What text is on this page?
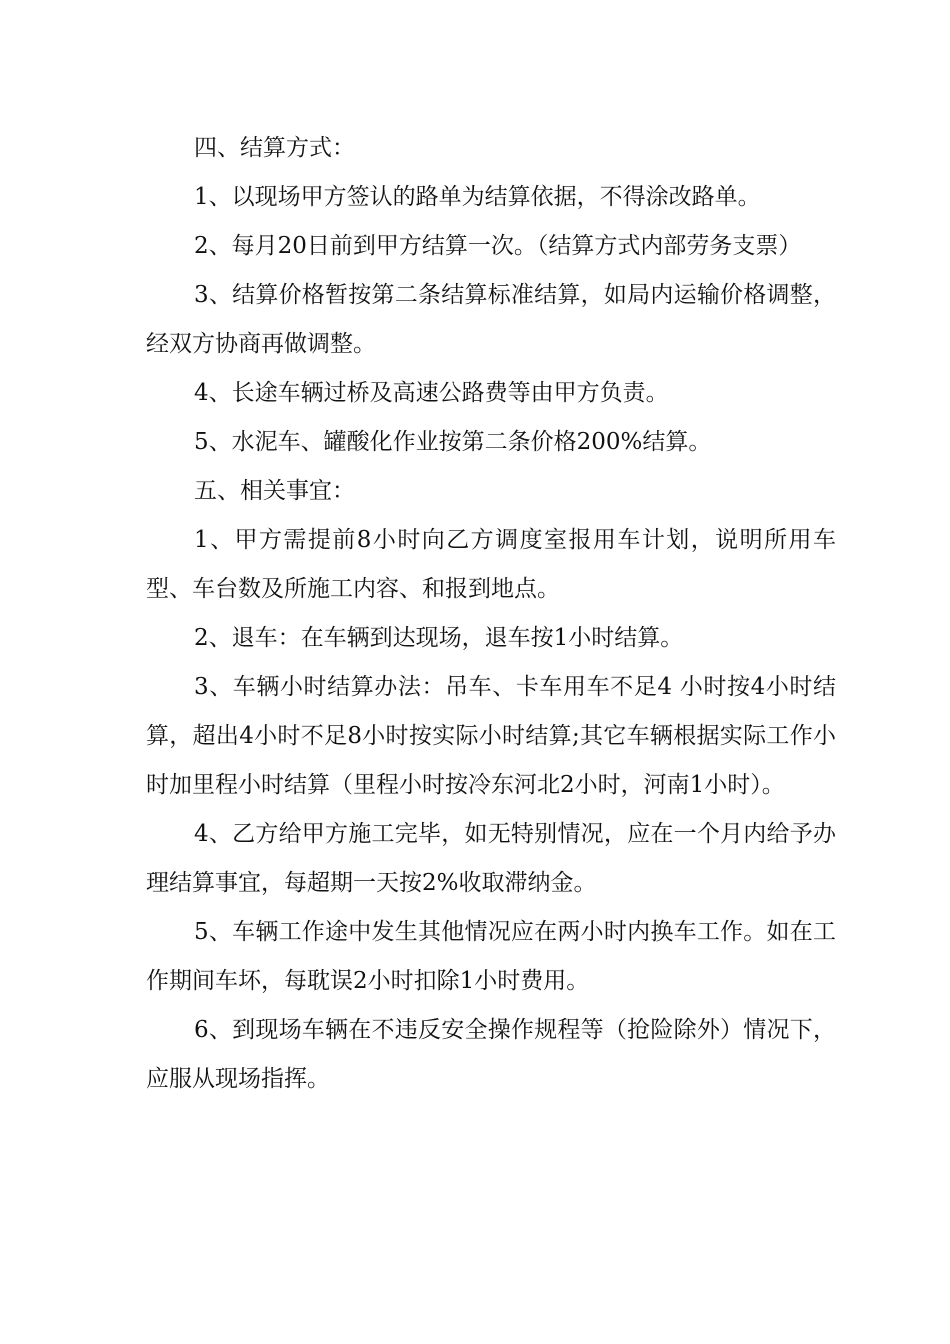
四、结算方式：

1、以现场甲方签认的路单为结算依据，不得涂改路单。

2、每月20日前到甲方结算一次。（结算方式内部劳务支票）

3、结算价格暂按第二条结算标准结算，如局内运输价格调整，经双方协商再做调整。

4、长途车辆过桥及高速公路费等由甲方负责。

5、水泥车、罐酸化作业按第二条价格200%结算。

五、相关事宜：

1、甲方需提前8小时向乙方调度室报用车计划，说明所用车型、车台数及所施工内容、和报到地点。

2、退车：在车辆到达现场，退车按1小时结算。

3、车辆小时结算办法：吊车、卡车用车不足4 小时按4小时结算，超出4小时不足8小时按实际小时结算;其它车辆根据实际工作小时加里程小时结算（里程小时按冷东河北2小时，河南1小时）。

4、乙方给甲方施工完毕，如无特别情况，应在一个月内给予办理结算事宜，每超期一天按2%收取滞纳金。

5、车辆工作途中发生其他情况应在两小时内换车工作。如在工作期间车坏，每耽误2小时扣除1小时费用。

6、到现场车辆在不违反安全操作规程等（抢险除外）情况下，应服从现场指挥。
